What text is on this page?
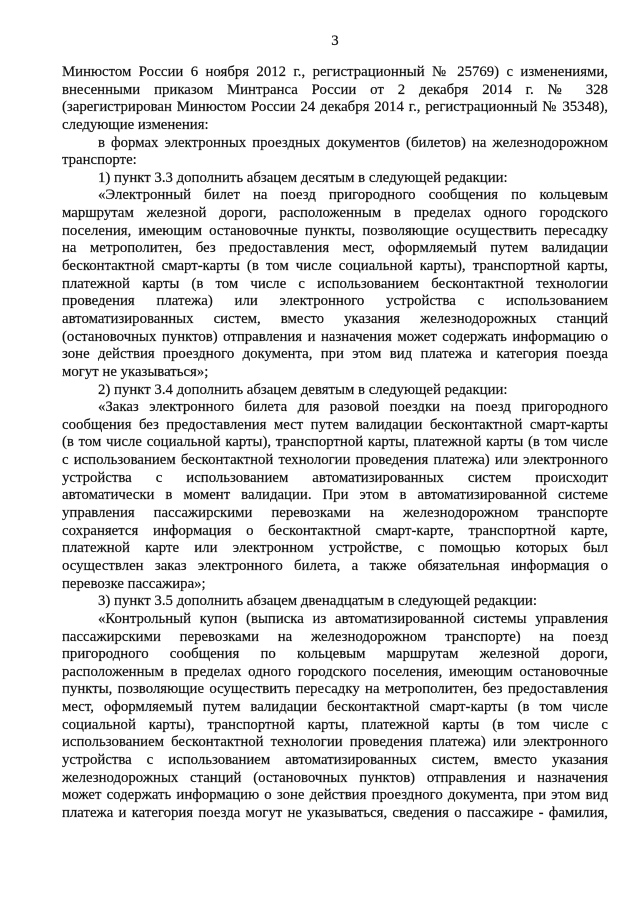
3
Минюстом России 6 ноября 2012 г., регистрационный № 25769) с изменениями,
внесенными приказом Минтранса России от 2 декабря 2014 г. № 328
(зарегистрирован Минюстом России 24 декабря 2014 г., регистрационный № 35348),
следующие изменения:
в формах электронных проездных документов (билетов) на железнодорожном
транспорте:
1) пункт 3.3 дополнить абзацем десятым в следующей редакции:
«Электронный билет на поезд пригородного сообщения по кольцевым
маршрутам железной дороги, расположенным в пределах одного городского
поселения, имеющим остановочные пункты, позволяющие осуществить пересадку
на метрополитен, без предоставления мест, оформляемый путем валидации
бесконтактной смарт-карты (в том числе социальной карты), транспортной карты,
платежной карты (в том числе с использованием бесконтактной технологии
проведения платежа) или электронного устройства с использованием
автоматизированных систем, вместо указания железнодорожных станций
(остановочных пунктов) отправления и назначения может содержать информацию о
зоне действия проездного документа, при этом вид платежа и категория поезда
могут не указываться»;
2) пункт 3.4 дополнить абзацем девятым в следующей редакции:
«Заказ электронного билета для разовой поездки на поезд пригородного
сообщения без предоставления мест путем валидации бесконтактной смарт-карты
(в том числе социальной карты), транспортной карты, платежной карты (в том числе
с использованием бесконтактной технологии проведения платежа) или электронного
устройства с использованием автоматизированных систем происходит
автоматически в момент валидации. При этом в автоматизированной системе
управления пассажирскими перевозками на железнодорожном транспорте
сохраняется информация о бесконтактной смарт-карте, транспортной карте,
платежной карте или электронном устройстве, с помощью которых был
осуществлен заказ электронного билета, а также обязательная информация о
перевозке пассажира»;
3) пункт 3.5 дополнить абзацем двенадцатым в следующей редакции:
«Контрольный купон (выписка из автоматизированной системы управления
пассажирскими перевозками на железнодорожном транспорте) на поезд
пригородного сообщения по кольцевым маршрутам железной дороги,
расположенным в пределах одного городского поселения, имеющим остановочные
пункты, позволяющие осуществить пересадку на метрополитен, без предоставления
мест, оформляемый путем валидации бесконтактной смарт-карты (в том числе
социальной карты), транспортной карты, платежной карты (в том числе с
использованием бесконтактной технологии проведения платежа) или электронного
устройства с использованием автоматизированных систем, вместо указания
железнодорожных станций (остановочных пунктов) отправления и назначения
может содержать информацию о зоне действия проездного документа, при этом вид
платежа и категория поезда могут не указываться, сведения о пассажире - фамилия,
